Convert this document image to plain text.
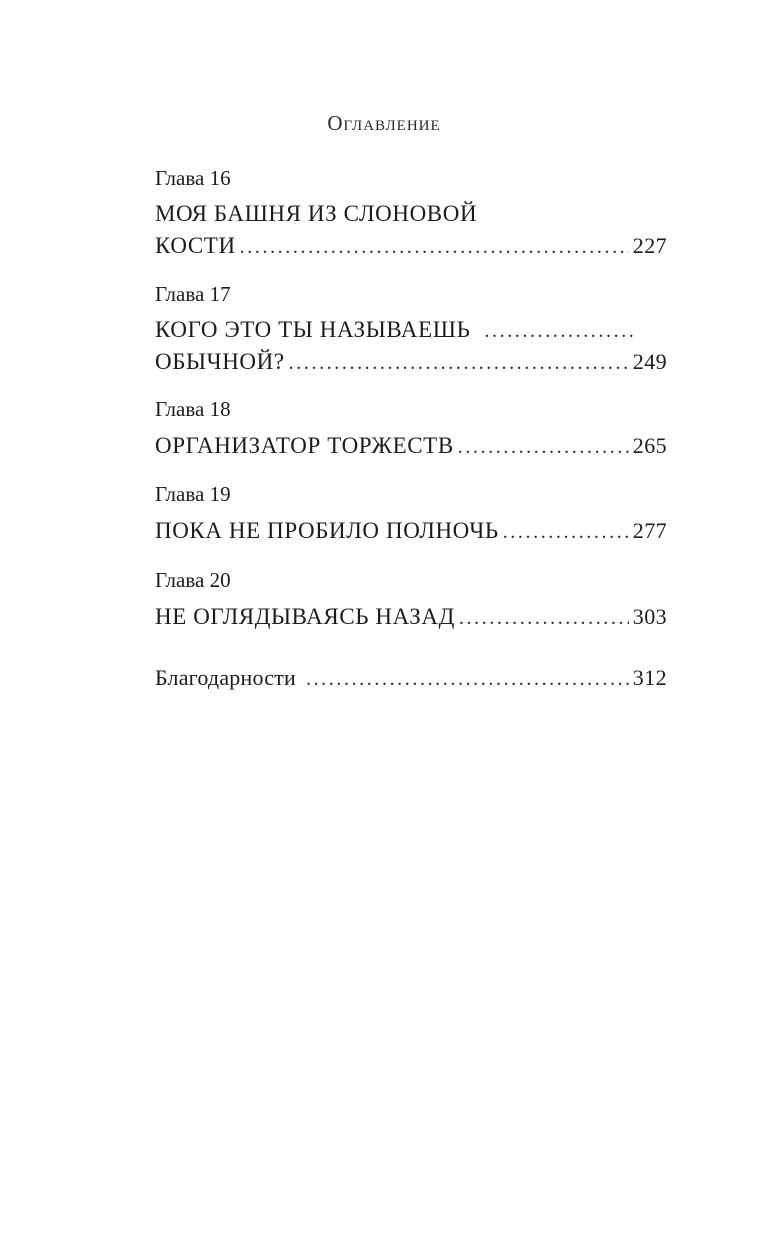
Оглавление
Глава 16
МОЯ БАШНЯ ИЗ СЛОНОВОЙ
КОСТИ . . .	227
Глава 17
КОГО ЭТО ТЫ НАЗЫВАЕШЬ
. . .
ОБЫЧНОЙ? . . .	249
Глава 18
ОРГАНИЗАТОР ТОРЖЕСТВ . . .	265
Глава 19
ПОКА НЕ ПРОБИЛО ПОЛНОЧЬ . . .	277
Глава 20
НЕ ОГЛЯДЫВАЯСЬ НАЗАД . . .	303
Благодарности . . .	312
